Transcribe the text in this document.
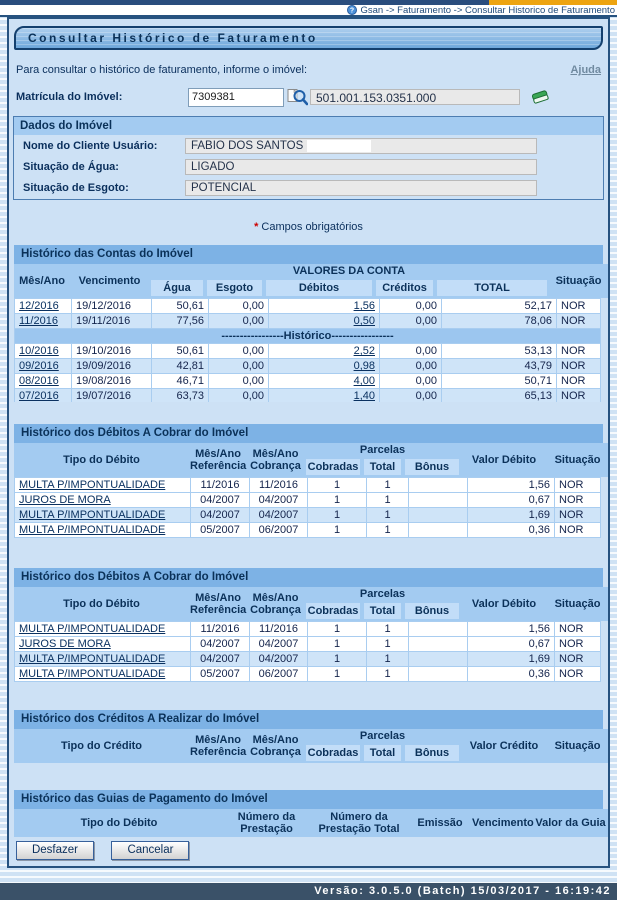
? Gsan -> Faturamento -> Consultar Historico de Faturamento
Consultar Histórico de Faturamento
Para consultar o histórico de faturamento, informe o imóvel:	Ajuda
Matrícula do Imóvel:
7309381	501.001.153.0351.000
Dados do Imóvel
Nome do Cliente Usuário:	FABIO DOS SANTOS
Situação de Água:	LIGADO
Situação de Esgoto:	POTENCIAL
* Campos obrigatórios
Histórico das Contas do Imóvel
Mês/Ano	Vencimento	VALORES DA CONTA					Situação
		Água	Esgoto	Débitos	Créditos	TOTAL	
12/2016	19/12/2016	50,61	0,00	1,56	0,00	52,17	NOR
11/2016	19/11/2016	77,56	0,00	0,50	0,00	78,06	NOR
-----------------Histórico-----------------							
10/2016	19/10/2016	50,61	0,00	2,52	0,00	53,13	NOR
09/2016	19/09/2016	42,81	0,00	0,98	0,00	43,79	NOR
08/2016	19/08/2016	46,71	0,00	4,00	0,00	50,71	NOR
07/2016	19/07/2016	63,73	0,00	1,40	0,00	65,13	NOR
Histórico dos Débitos A Cobrar do Imóvel
Tipo do Débito	Mês/Ano Referência	Mês/Ano Cobrança	Parcelas			Valor Débito	Situação
			Cobradas	Total	Bônus		
MULTA P/IMPONTUALIDADE	11/2016	11/2016	1	1		1,56	NOR
JUROS DE MORA	04/2007	04/2007	1	1		0,67	NOR
MULTA P/IMPONTUALIDADE	04/2007	04/2007	1	1		1,69	NOR
MULTA P/IMPONTUALIDADE	05/2007	06/2007	1	1		0,36	NOR
Histórico dos Débitos A Cobrar do Imóvel
Tipo do Débito	Mês/Ano Referência	Mês/Ano Cobrança	Parcelas			Valor Débito	Situação
			Cobradas	Total	Bônus		
MULTA P/IMPONTUALIDADE	11/2016	11/2016	1	1		1,56	NOR
JUROS DE MORA	04/2007	04/2007	1	1		0,67	NOR
MULTA P/IMPONTUALIDADE	04/2007	04/2007	1	1		1,69	NOR
MULTA P/IMPONTUALIDADE	05/2007	06/2007	1	1		0,36	NOR
Histórico dos Créditos A Realizar do Imóvel
Tipo do Crédito	Mês/Ano Referência	Mês/Ano Cobrança	Parcelas			Valor Crédito	Situação
			Cobradas	Total	Bônus		
Histórico das Guias de Pagamento do Imóvel
Tipo do Débito	Número da Prestação	Número da Prestação Total	Emissão	Vencimento	Valor da Guia
Desfazer	Cancelar
Versão: 3.0.5.0 (Batch) 15/03/2017 - 16:19:42
